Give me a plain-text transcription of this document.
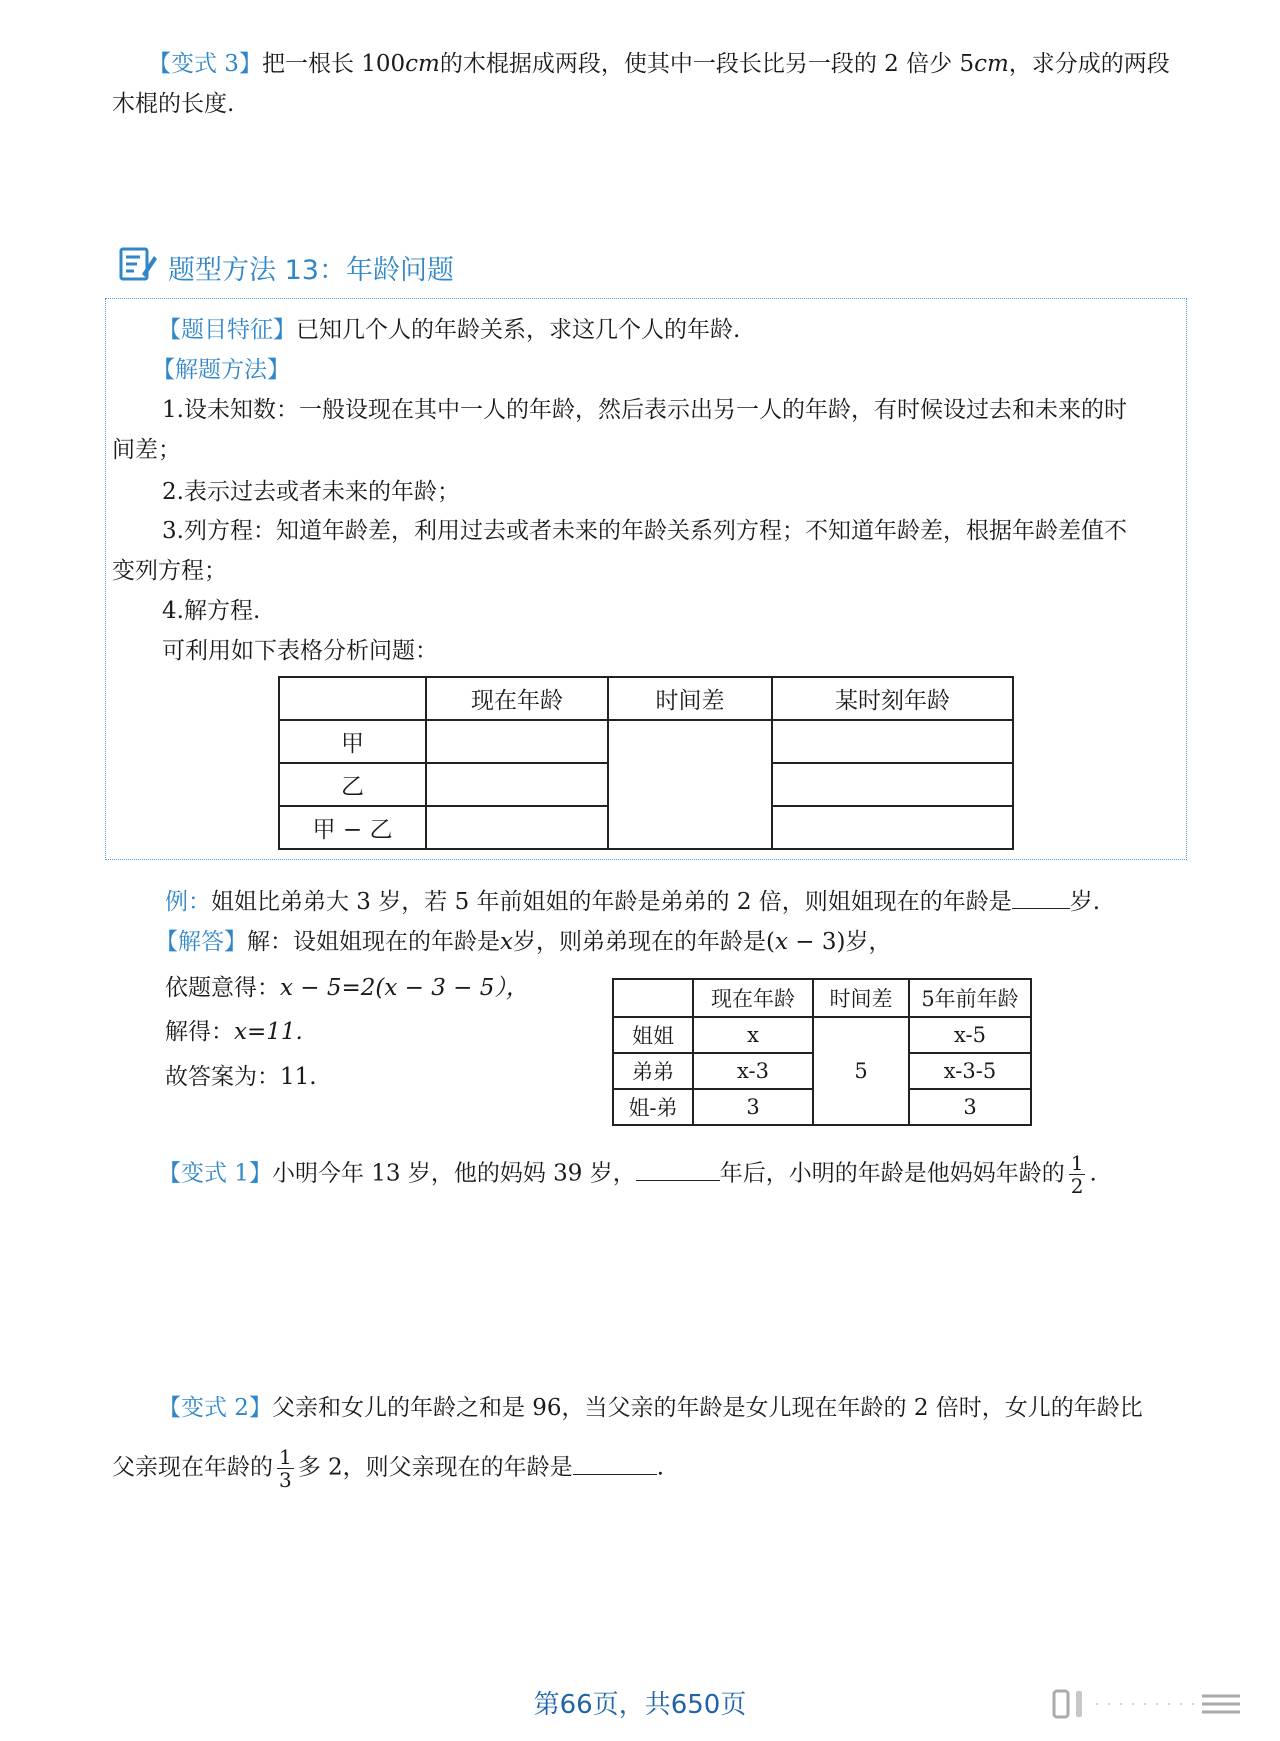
【变式 3】把一根长 100cm的木棍据成两段，使其中一段长比另一段的 2 倍少 5cm，求分成的两段

木棍的长度.

题型方法 13：年龄问题

【题目特征】已知几个人的年龄关系，求这几个人的年龄.

【解题方法】

1.设未知数：一般设现在其中一人的年龄，然后表示出另一人的年龄，有时候设过去和未来的时

间差；

2.表示过去或者未来的年龄；

3.列方程：知道年龄差，利用过去或者未来的年龄关系列方程；不知道年龄差，根据年龄差值不

变列方程；

4.解方程.

可利用如下表格分析问题：

	现在年龄	时间差	某时刻年龄
甲			
乙			
甲 − 乙			

例：姐姐比弟弟大 3 岁，若 5 年前姐姐的年龄是弟弟的 2 倍，则姐姐现在的年龄是	岁.

【解答】解：设姐姐现在的年龄是x岁，则弟弟现在的年龄是(x − 3)岁，

依题意得：x − 5=2(x − 3 − 5），

解得：x=11.

故答案为：11.

	现在年龄	时间差	5年前年龄
姐姐	x	5	x-5
弟弟	x-3		x-3-5
姐-弟	3		3

【变式 1】小明今年 13 岁，他的妈妈 39 岁，	年后，小明的年龄是他妈妈年龄的 $\frac{1}{2}$ .

【变式 2】父亲和女儿的年龄之和是 96，当父亲的年龄是女儿现在年龄的 2 倍时，女儿的年龄比

父亲现在年龄的 $\frac{1}{3}$ 多 2，则父亲现在的年龄是	.

第66页，共650页
